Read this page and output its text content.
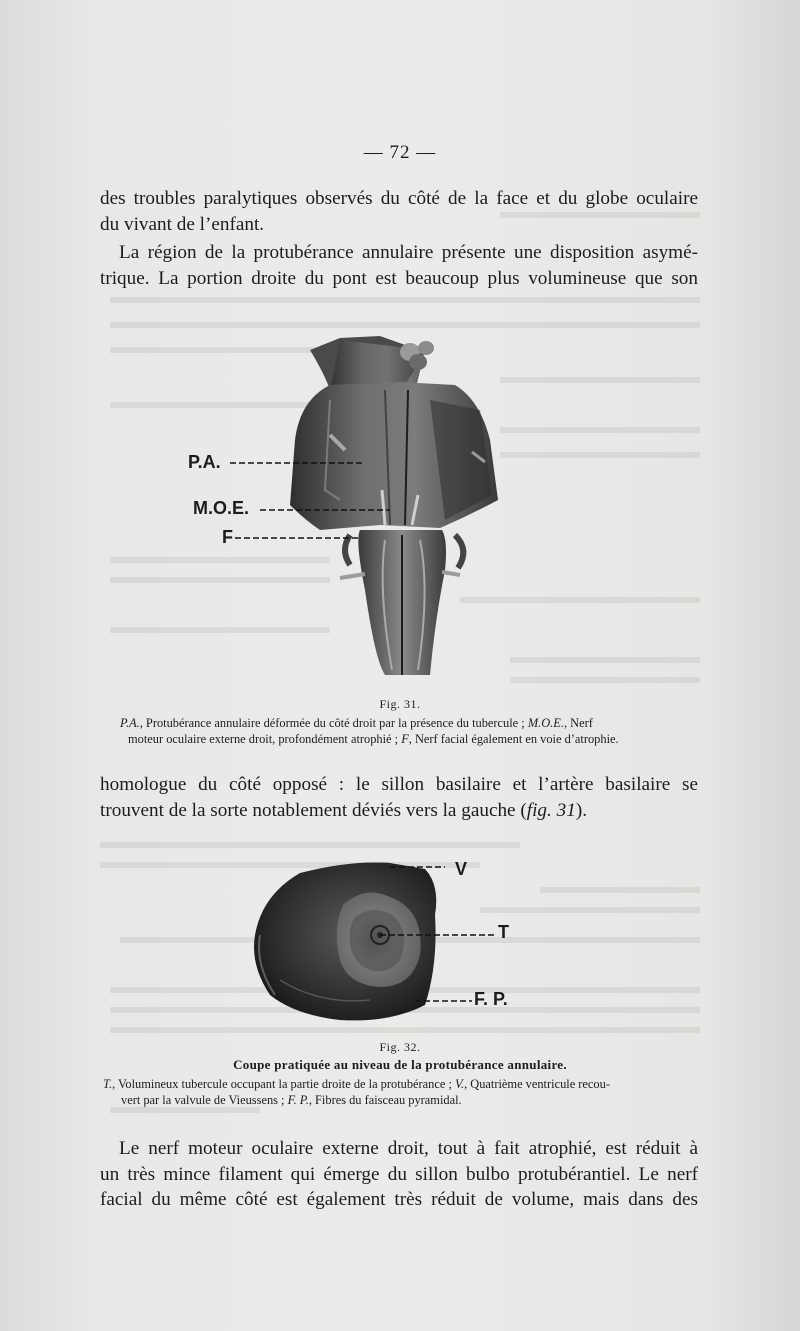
— 72 —

des troubles paralytiques observés du côté de la face et du globe oculaire
du vivant de l’enfant.

La région de la protubérance annulaire présente une disposition asymé-
trique. La portion droite du pont est beaucoup plus volumineuse que son

P.A.
M.O.E.
F
Fig. 31.
P.A., Protubérance annulaire déformée du côté droit par la présence du tubercule ; M.O.E., Nerf
moteur oculaire externe droit, profondément atrophié ; F, Nerf facial également en voie d’atrophie.

homologue du côté opposé : le sillon basilaire et l’artère basilaire se
trouvent de la sorte notablement déviés vers la gauche (fig. 31).

V
T
F. P.
Fig. 32.
Coupe pratiquée au niveau de la protubérance annulaire.
T., Volumineux tubercule occupant la partie droite de la protubérance ; V., Quatrième ventricule recou-
vert par la valvule de Vieussens ; F. P., Fibres du faisceau pyramidal.

Le nerf moteur oculaire externe droit, tout à fait atrophié, est réduit à
un très mince filament qui émerge du sillon bulbo protubérantiel. Le nerf
facial du même côté est également très réduit de volume, mais dans des
